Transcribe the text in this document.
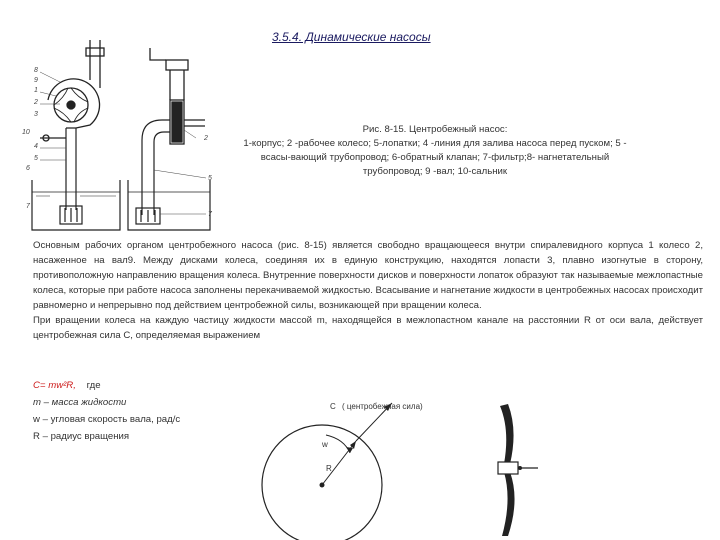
3.5.4. Динамические насосы
8
9
1
2
3
10
4
5
6
7
2
5
7
Рис. 8-15. Центробежный насос:
1-корпус; 2 -рабочее колесо; 5-лопатки; 4 -линия для залива насоса перед пуском; 5 -
всасы-вающий трубопровод; 6-обратный клапан; 7-фильтр;8- нагнетательный
трубопровод; 9 -вал; 10-сальник

Основным рабочих органом центробежного насоса (рис. 8-15) является свободно вращающееся внутри спиралевидного корпуса 1 колесо 2, насаженное на вал9. Между дисками колеса, соединяя их в единую конструкцию, находятся лопасти 3, плавно изогнутые в сторону, противоположную направлению вращения колеса. Внутренние поверхности дисков и поверхности лопаток образуют так называемые межлопастные колеса, которые при работе насоса заполнены перекачиваемой жидкостью. Всасывание и нагнетание жидкости в центробежных насосах происходит равномерно и непрерывно под действием центробежной силы, возникающей при вращении колеса.

При вращении колеса на каждую частицу жидкости массой m, находящейся в межлопастном канале на расстоянии R от оси вала, действует центробежная сила С, определяемая выражением

C= mw²R, где
m – масса жидкости
w – угловая скорость вала, рад/с
R – радиус вращения
С ( центробежная сила)
w
R
